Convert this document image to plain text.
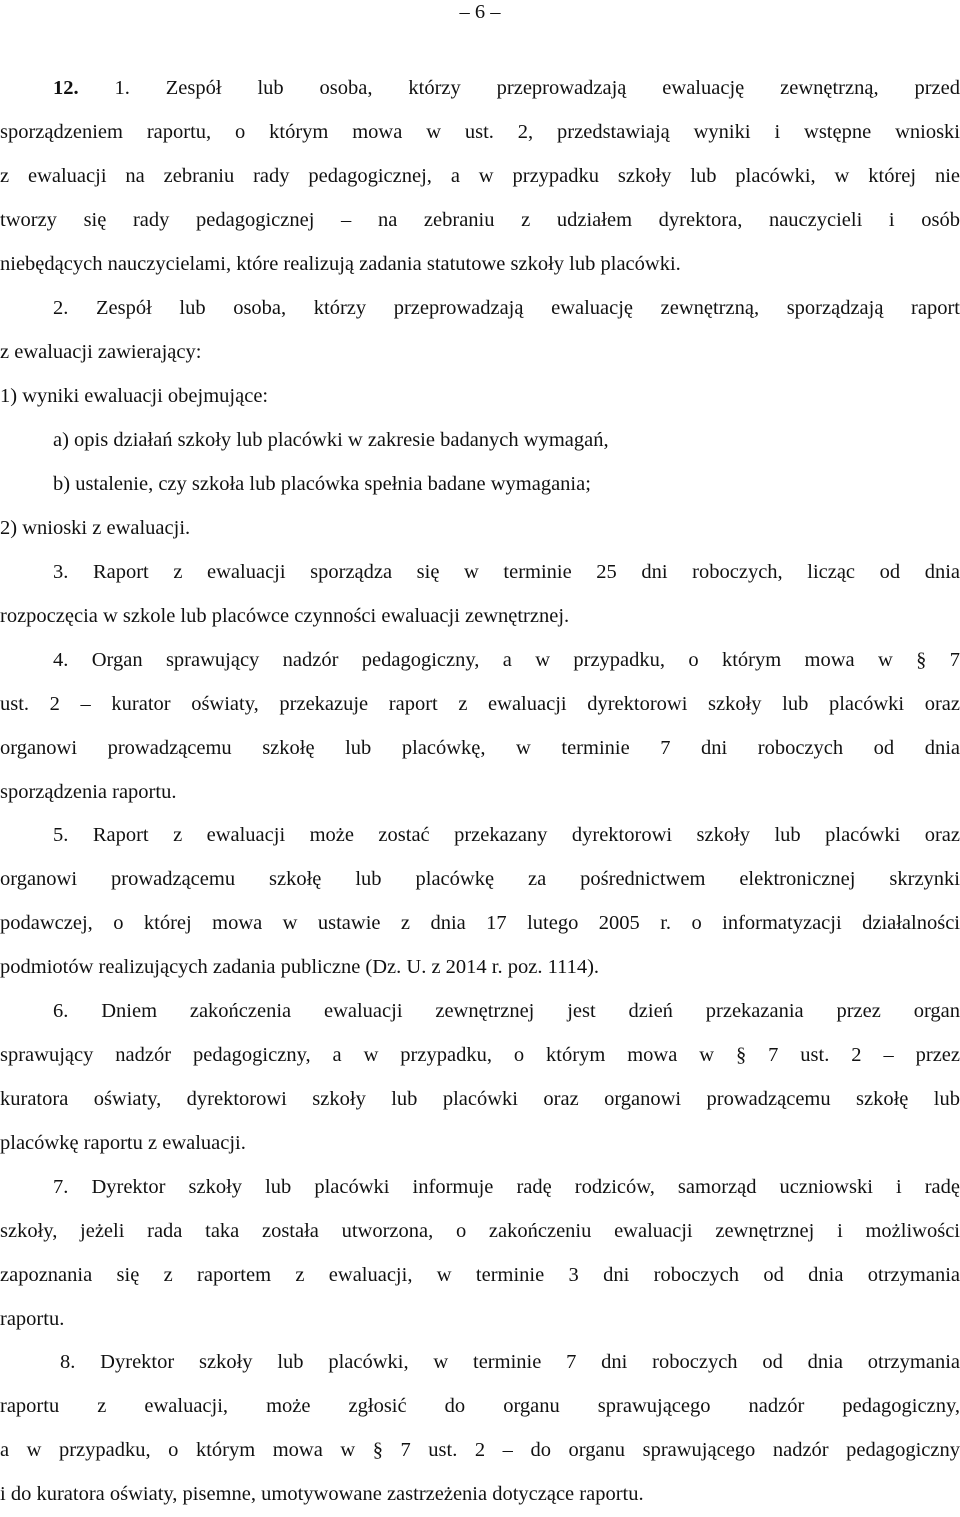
– 6 –

12. 1. Zespół lub osoba, którzy przeprowadzają ewaluację zewnętrzną, przed

sporządzeniem raportu, o którym mowa w ust. 2, przedstawiają wyniki i wstępne wnioski

z ewaluacji na zebraniu rady pedagogicznej, a w przypadku szkoły lub placówki, w której nie

tworzy się rady pedagogicznej – na zebraniu z udziałem dyrektora, nauczycieli i osób

niebędących nauczycielami, które realizują zadania statutowe szkoły lub placówki.

2. Zespół lub osoba, którzy przeprowadzają ewaluację zewnętrzną, sporządzają raport

z ewaluacji zawierający:

1) wyniki ewaluacji obejmujące:

a) opis działań szkoły lub placówki w zakresie badanych wymagań,

b) ustalenie, czy szkoła lub placówka spełnia badane wymagania;

2) wnioski z ewaluacji.

3. Raport z ewaluacji sporządza się w terminie 25 dni roboczych, licząc od dnia

rozpoczęcia w szkole lub placówce czynności ewaluacji zewnętrznej.

4. Organ sprawujący nadzór pedagogiczny, a w przypadku, o którym mowa w § 7

ust. 2 – kurator oświaty, przekazuje raport z ewaluacji dyrektorowi szkoły lub placówki oraz

organowi prowadzącemu szkołę lub placówkę, w terminie 7 dni roboczych od dnia

sporządzenia raportu.

5. Raport z ewaluacji może zostać przekazany dyrektorowi szkoły lub placówki oraz

organowi prowadzącemu szkołę lub placówkę za pośrednictwem elektronicznej skrzynki

podawczej, o której mowa w ustawie z dnia 17 lutego 2005 r. o informatyzacji działalności

podmiotów realizujących zadania publiczne (Dz. U. z 2014 r. poz. 1114).

6. Dniem zakończenia ewaluacji zewnętrznej jest dzień przekazania przez organ

sprawujący nadzór pedagogiczny, a w przypadku, o którym mowa w § 7 ust. 2 – przez

kuratora oświaty, dyrektorowi szkoły lub placówki oraz organowi prowadzącemu szkołę lub

placówkę raportu z ewaluacji.

7. Dyrektor szkoły lub placówki informuje radę rodziców, samorząd uczniowski i radę

szkoły, jeżeli rada taka została utworzona, o zakończeniu ewaluacji zewnętrznej i możliwości

zapoznania się z raportem z ewaluacji, w terminie 3 dni roboczych od dnia otrzymania

raportu.

8. Dyrektor szkoły lub placówki, w terminie 7 dni roboczych od dnia otrzymania

raportu z ewaluacji, może zgłosić do organu sprawującego nadzór pedagogiczny,

a w przypadku, o którym mowa w § 7 ust. 2 – do organu sprawującego nadzór pedagogiczny

i do kuratora oświaty, pisemne, umotywowane zastrzeżenia dotyczące raportu.
